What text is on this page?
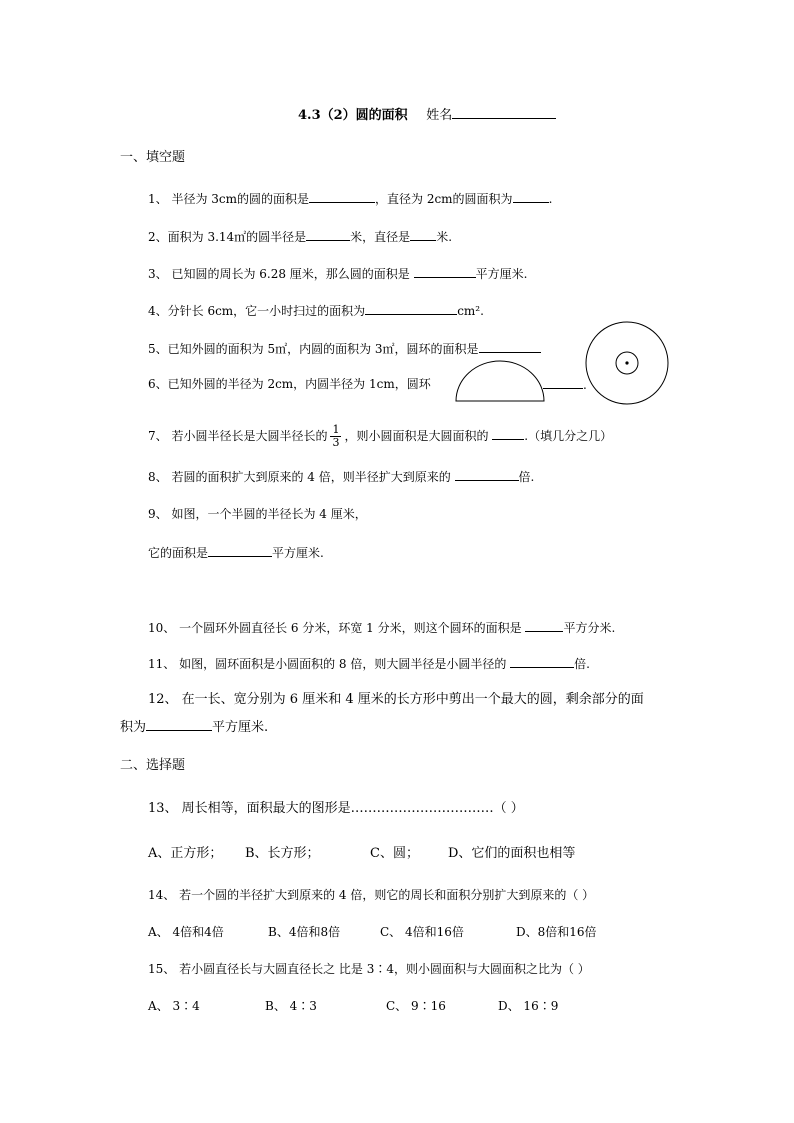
4.3（2）圆的面积 姓名
一、填空题
1、 半径为 3cm的圆的面积是	，直径为 2cm的圆面积为	.
2、面积为 3.14㎡的圆半径是	米，直径是 米.
3、 已知圆的周长为 6.28 厘米，那么圆的面积是	平方厘米.
4、分针长 6cm，它一小时扫过的面积为	cm².
5、已知外圆的面积为 5㎡，内圆的面积为 3㎡，圆环的面积是
6、已知外圆的半径为 2cm，内圆半径为 1cm，圆环	.
7、 若小圆半径长是大圆半径长的 $\frac{1}{3}$ ，则小圆面积是大圆面积的	.（填几分之几）
8、 若圆的面积扩大到原来的 4 倍，则半径扩大到原来的	倍.
9、 如图，一个半圆的半径长为 4 厘米，
它的面积是	平方厘米.
10、 一个圆环外圆直径长 6 分米，环宽 1 分米，则这个圆环的面积是	平方分米.
11、 如图，圆环面积是小圆面积的 8 倍，则大圆半径是小圆半径的	倍.
12、 在一长、宽分别为 6 厘米和 4 厘米的长方形中剪出一个最大的圆，剩余部分的面
积为	平方厘米.
二、选择题
13、 周长相等，面积最大的图形是……………………………（ ）
A、正方形； B、长方形；	C、圆； D、它们的面积也相等
14、 若一个圆的半径扩大到原来的 4 倍，则它的周长和面积分别扩大到原来的（ ）
A、 4倍和4倍	B、4倍和8倍	C、 4倍和16倍	D、8倍和16倍
15、 若小圆直径长与大圆直径长之 比是 3∶4，则小圆面积与大圆面积之比为（ ）
A、 3∶4	B、 4∶3	C、 9∶16	D、 16∶9
